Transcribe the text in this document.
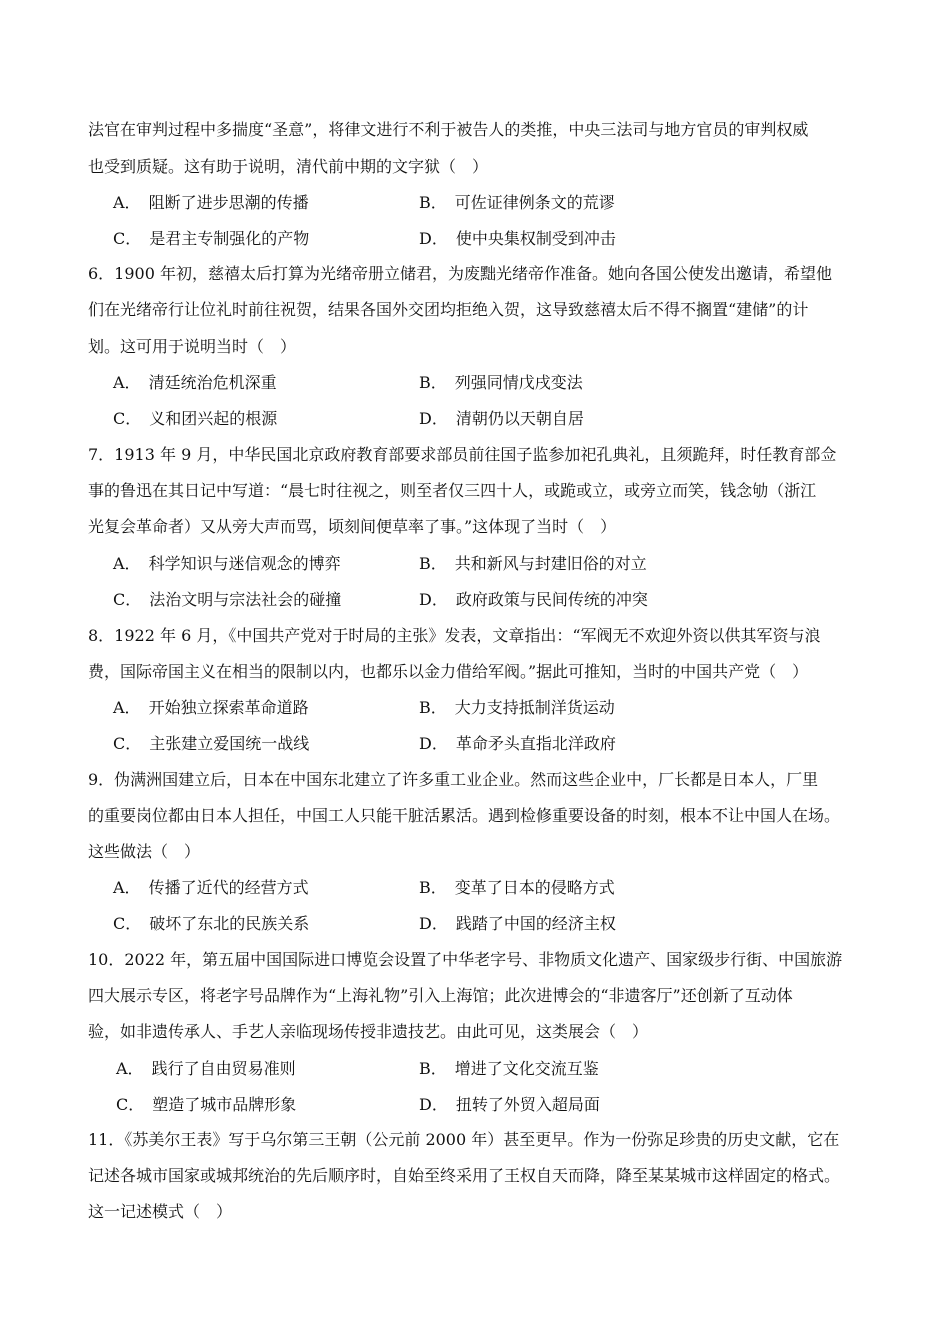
法官在审判过程中多揣度“圣意”，将律文进行不利于被告人的类推，中央三法司与地方官员的审判权威
也受到质疑。这有助于说明，清代前中期的文字狱（　）
A． 阻断了进步思潮的传播	B． 可佐证律例条文的荒谬
C． 是君主专制强化的产物	D． 使中央集权制受到冲击
6．1900 年初，慈禧太后打算为光绪帝册立储君，为废黜光绪帝作准备。她向各国公使发出邀请，希望他
们在光绪帝行让位礼时前往祝贺，结果各国外交团均拒绝入贺，这导致慈禧太后不得不搁置“建储”的计
划。这可用于说明当时（　）
A． 清廷统治危机深重	B． 列强同情戊戌变法
C． 义和团兴起的根源	D． 清朝仍以天朝自居
7．1913 年 9 月，中华民国北京政府教育部要求部员前往国子监参加祀孔典礼，且须跪拜，时任教育部佥
事的鲁迅在其日记中写道：“晨七时往视之，则至者仅三四十人，或跪或立，或旁立而笑，钱念劬（浙江
光复会革命者）又从旁大声而骂，顷刻间便草率了事。”这体现了当时（　）
A． 科学知识与迷信观念的博弈	B． 共和新风与封建旧俗的对立
C． 法治文明与宗法社会的碰撞	D． 政府政策与民间传统的冲突
8．1922 年 6 月，《中国共产党对于时局的主张》发表，文章指出：“军阀无不欢迎外资以供其军资与浪
费，国际帝国主义在相当的限制以内，也都乐以金力借给军阀。”据此可推知，当时的中国共产党（　）
A． 开始独立探索革命道路	B． 大力支持抵制洋货运动
C． 主张建立爱国统一战线	D． 革命矛头直指北洋政府
9．伪满洲国建立后，日本在中国东北建立了许多重工业企业。然而这些企业中，厂长都是日本人，厂里
的重要岗位都由日本人担任，中国工人只能干脏活累活。遇到检修重要设备的时刻，根本不让中国人在场。
这些做法（　）
A． 传播了近代的经营方式	B． 变革了日本的侵略方式
C． 破坏了东北的民族关系	D． 践踏了中国的经济主权
10．2022 年，第五届中国国际进口博览会设置了中华老字号、非物质文化遗产、国家级步行街、中国旅游
四大展示专区，将老字号品牌作为“上海礼物”引入上海馆；此次进博会的“非遗客厅”还创新了互动体
验，如非遗传承人、手艺人亲临现场传授非遗技艺。由此可见，这类展会（　）
A． 践行了自由贸易准则	B． 增进了文化交流互鉴
C． 塑造了城市品牌形象	D． 扭转了外贸入超局面
11．《苏美尔王表》写于乌尔第三王朝（公元前 2000 年）甚至更早。作为一份弥足珍贵的历史文献，它在
记述各城市国家或城邦统治的先后顺序时，自始至终采用了王权自天而降，降至某某城市这样固定的格式。
这一记述模式（　）
